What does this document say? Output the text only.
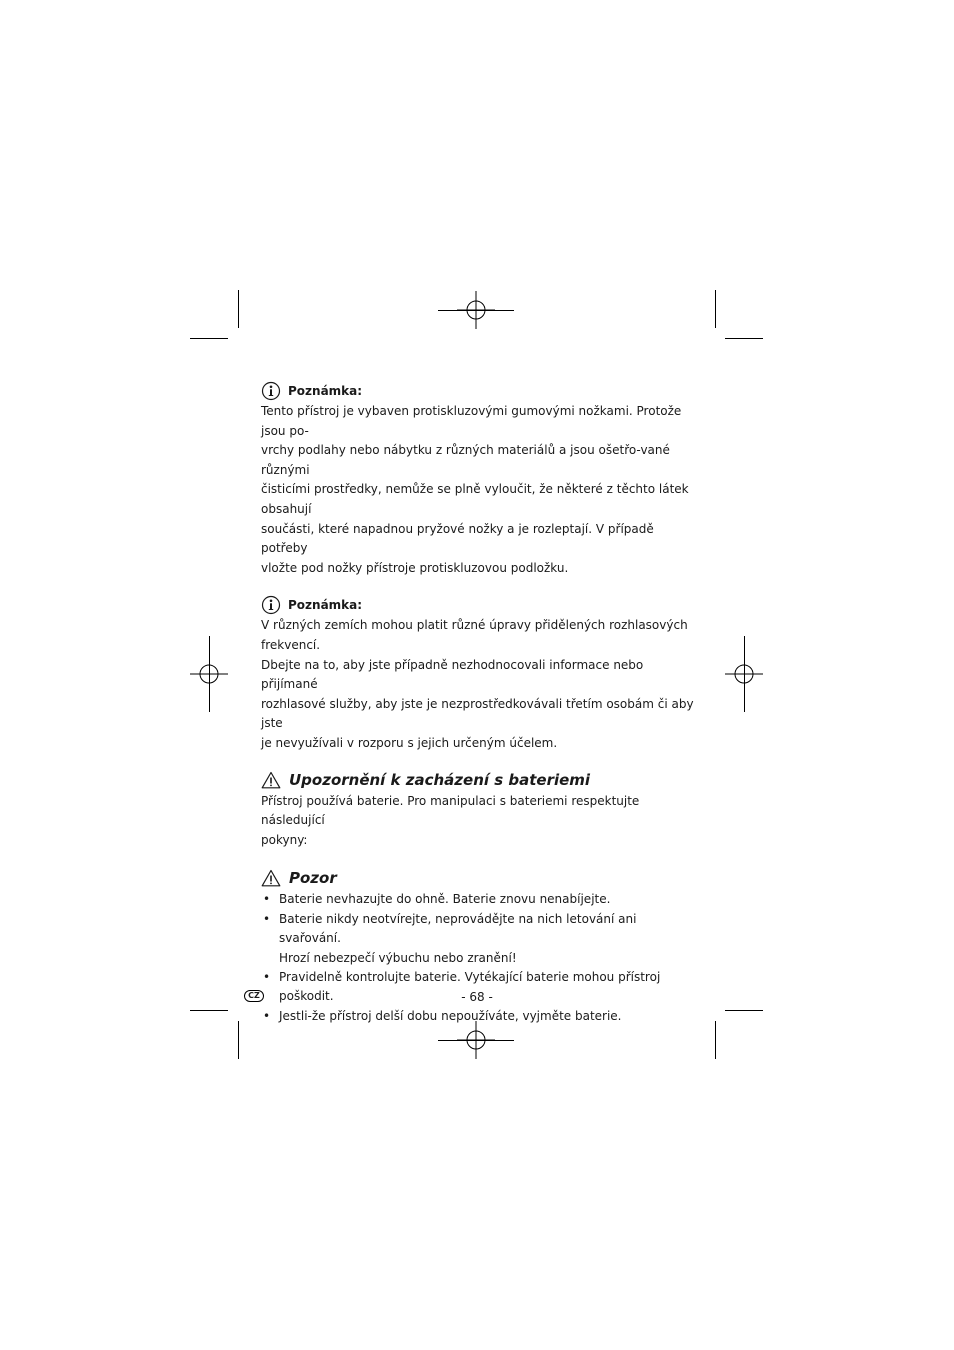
Poznámka:

Tento přístroj je vybaven protiskluzovými gumovými nožkami. Protože jsou po-
vrchy podlahy nebo nábytku z různých materiálů a jsou ošetřo-vané různými
čisticími prostředky, nemůže se plně vyloučit, že některé z těchto látek obsahují
součásti, které napadnou pryžové nožky a je rozleptají. V případě potřeby
vložte pod nožky přístroje protiskluzovou podložku.

Poznámka:

V různých zemích mohou platit různé úpravy přidělených rozhlasových
frekvencí.
Dbejte na to, aby jste případně nezhodnocovali informace nebo přijímané
rozhlasové služby, aby jste je nezprostředkovávali třetím osobám či aby jste
je nevyužívali v rozporu s jejich určeným účelem.

Upozornění k zacházení s bateriemi

Přístroj používá baterie. Pro manipulaci s bateriemi respektujte následující
pokyny:

Pozor
• Baterie nevhazujte do ohně. Baterie znovu nenabíjejte.
• Baterie nikdy neotvírejte, neprovádějte na nich letování ani svařování.
Hrozí nebezpečí výbuchu nebo zranění!
• Pravidelně kontrolujte baterie. Vytékající baterie mohou přístroj poškodit.
• Jestli-že přístroj delší dobu nepoužíváte, vyjměte baterie.
CZ	- 68 -
